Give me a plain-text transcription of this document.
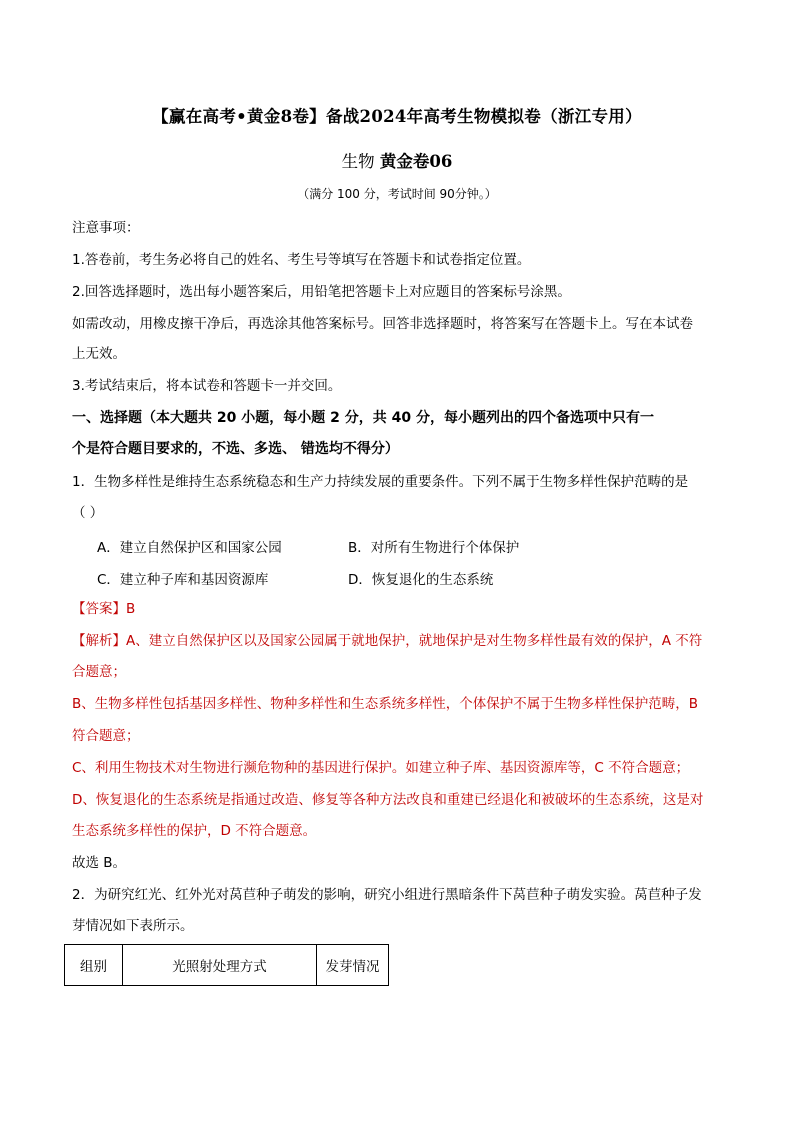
【赢在高考•黄金8卷】备战2024年高考生物模拟卷（浙江专用）
生物 黄金卷06
（满分 100 分，考试时间 90分钟。）
注意事项：
1.答卷前，考生务必将自己的姓名、考生号等填写在答题卡和试卷指定位置。
2.回答选择题时，选出每小题答案后，用铅笔把答题卡上对应题目的答案标号涂黑。
如需改动，用橡皮擦干净后，再选涂其他答案标号。回答非选择题时，将答案写在答题卡上。写在本试卷
上无效。
3.考试结束后，将本试卷和答题卡一并交回。
一、选择题（本大题共 20 小题，每小题 2 分，共 40 分，每小题列出的四个备选项中只有一
个是符合题目要求的，不选、多选、 错选均不得分）
1．生物多样性是维持生态系统稳态和生产力持续发展的重要条件。下列不属于生物多样性保护范畴的是
（ ）
A．建立自然保护区和国家公园	B．对所有生物进行个体保护
C．建立种子库和基因资源库	D．恢复退化的生态系统
【答案】B
【解析】A、建立自然保护区以及国家公园属于就地保护，就地保护是对生物多样性最有效的保护，A 不符
合题意；
B、生物多样性包括基因多样性、物种多样性和生态系统多样性，个体保护不属于生物多样性保护范畴，B
符合题意；
C、利用生物技术对生物进行濒危物种的基因进行保护。如建立种子库、基因资源库等，C 不符合题意；
D、恢复退化的生态系统是指通过改造、修复等各种方法改良和重建已经退化和被破坏的生态系统，这是对
生态系统多样性的保护，D 不符合题意。
故选 B。
2．为研究红光、红外光对莴苣种子萌发的影响，研究小组进行黑暗条件下莴苣种子萌发实验。莴苣种子发
芽情况如下表所示。
组别	光照射处理方式	发芽情况
